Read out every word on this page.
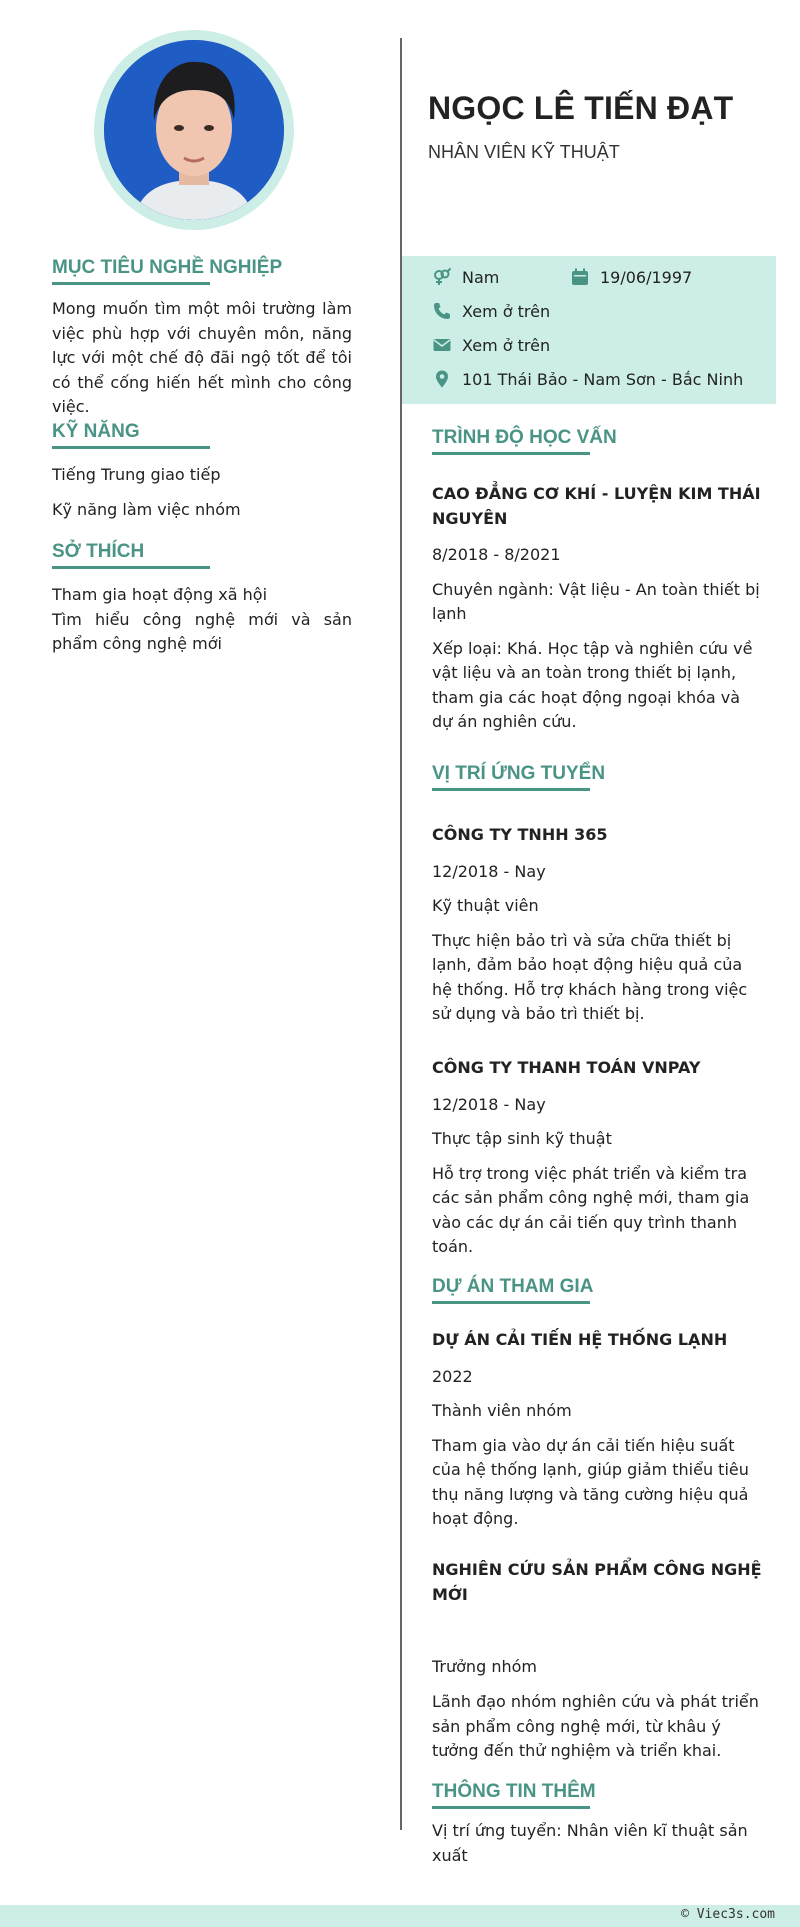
MỤC TIÊU NGHỀ NGHIỆP

Mong muốn tìm một môi trường làm việc phù hợp với chuyên môn, năng lực với một chế độ đãi ngộ tốt để tôi có thể cống hiến hết mình cho công việc.

KỸ NĂNG
Tiếng Trung giao tiếp
Kỹ năng làm việc nhóm
SỞ THÍCH
Tham gia hoạt động xã hội
Tìm hiểu công nghệ mới và sản phẩm công nghệ mới
NGỌC LÊ TIẾN ĐẠT
NHÂN VIÊN KỸ THUẬT
Nam	19/06/1997
Xem ở trên
Xem ở trên
101 Thái Bảo - Nam Sơn - Bắc Ninh
TRÌNH ĐỘ HỌC VẤN
CAO ĐẲNG CƠ KHÍ - LUYỆN KIM THÁI NGUYÊN
8/2018 - 8/2021
Chuyên ngành: Vật liệu - An toàn thiết bị lạnh
Xếp loại: Khá. Học tập và nghiên cứu về vật liệu và an toàn trong thiết bị lạnh, tham gia các hoạt động ngoại khóa và dự án nghiên cứu.
VỊ TRÍ ỨNG TUYỂN
CÔNG TY TNHH 365
12/2018 - Nay
Kỹ thuật viên
Thực hiện bảo trì và sửa chữa thiết bị lạnh, đảm bảo hoạt động hiệu quả của hệ thống. Hỗ trợ khách hàng trong việc sử dụng và bảo trì thiết bị.
CÔNG TY THANH TOÁN VNPAY
12/2018 - Nay
Thực tập sinh kỹ thuật
Hỗ trợ trong việc phát triển và kiểm tra các sản phẩm công nghệ mới, tham gia vào các dự án cải tiến quy trình thanh toán.
DỰ ÁN THAM GIA
DỰ ÁN CẢI TIẾN HỆ THỐNG LẠNH
2022
Thành viên nhóm
Tham gia vào dự án cải tiến hiệu suất của hệ thống lạnh, giúp giảm thiểu tiêu thụ năng lượng và tăng cường hiệu quả hoạt động.
NGHIÊN CỨU SẢN PHẨM CÔNG NGHỆ MỚI
Trưởng nhóm
Lãnh đạo nhóm nghiên cứu và phát triển sản phẩm công nghệ mới, từ khâu ý tưởng đến thử nghiệm và triển khai.
THÔNG TIN THÊM
Vị trí ứng tuyển: Nhân viên kĩ thuật sản xuất
© Viec3s.com
